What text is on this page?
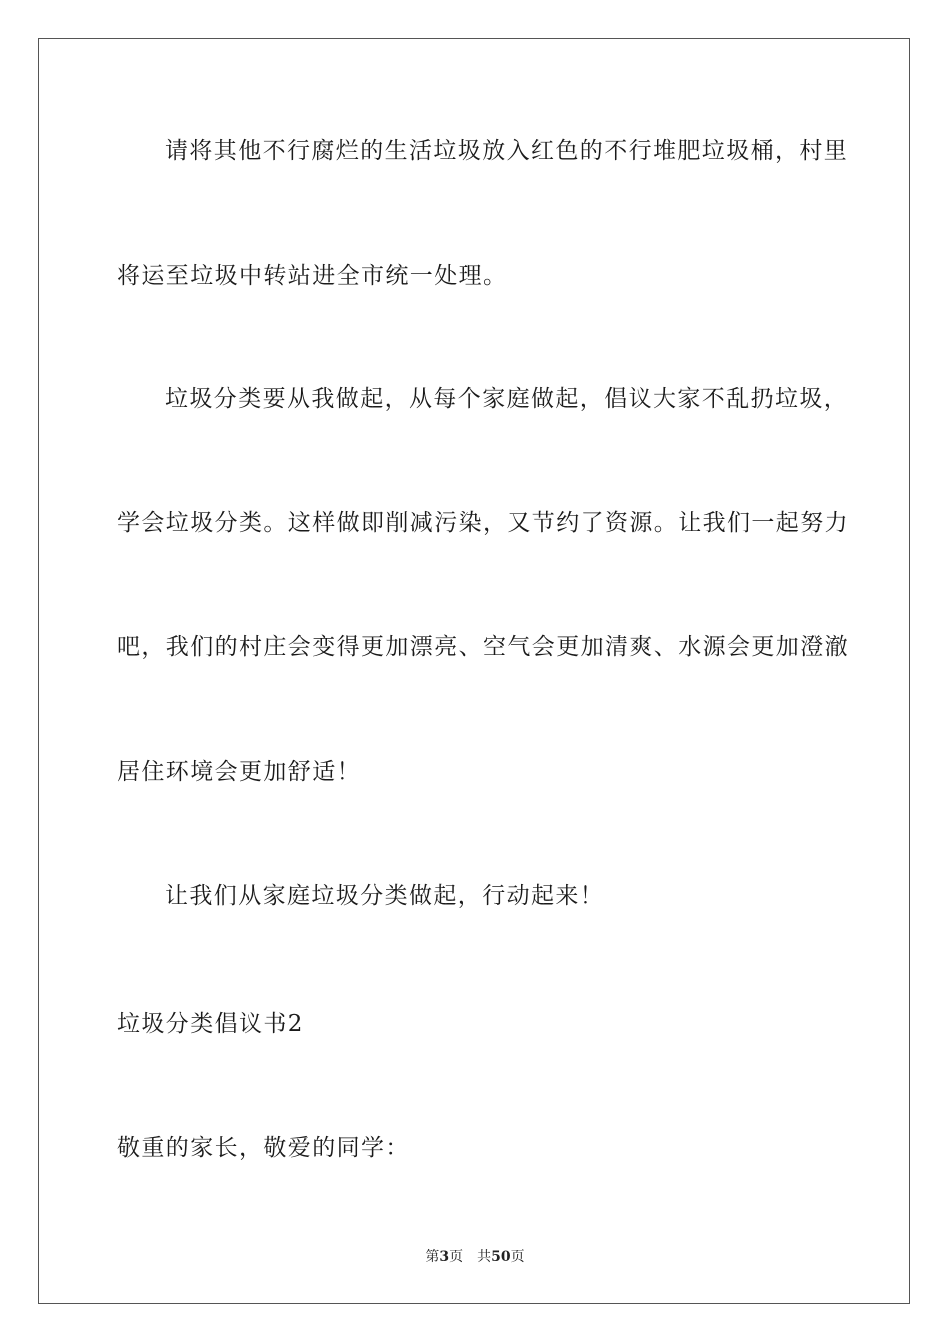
请将其他不行腐烂的生活垃圾放入红色的不行堆肥垃圾桶，村里
将运至垃圾中转站进全市统一处理。
垃圾分类要从我做起，从每个家庭做起，倡议大家不乱扔垃圾，
学会垃圾分类。这样做即削减污染，又节约了资源。让我们一起努力
吧，我们的村庄会变得更加漂亮、空气会更加清爽、水源会更加澄澈
居住环境会更加舒适！
让我们从家庭垃圾分类做起，行动起来！
垃圾分类倡议书2
敬重的家长，敬爱的同学：
第3页 共50页
